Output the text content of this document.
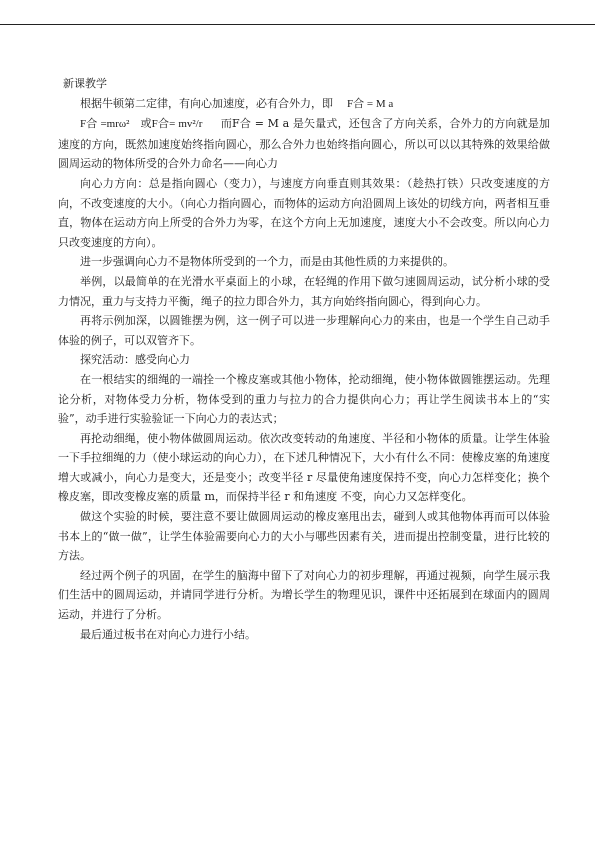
新课教学

根据牛顿第二定律，有向心加速度，必有合外力，即 F合 = M a

F合 =mrω² 或F合= mv²/r 而F合 = M a 是矢量式，还包含了方向关系，合外力的方向就是加速度的方向，既然加速度始终指向圆心，那么合外力也始终指向圆心，所以可以以其特殊的效果给做圆周运动的物体所受的合外力命名——向心力

向心力方向：总是指向圆心（变力），与速度方向垂直则其效果：（趁热打铁）只改变速度的方向，不改变速度的大小。（向心力指向圆心，而物体的运动方向沿圆周上该处的切线方向，两者相互垂直，物体在运动方向上所受的合外力为零，在这个方向上无加速度，速度大小不会改变。所以向心力只改变速度的方向）。

进一步强调向心力不是物体所受到的一个力，而是由其他性质的力来提供的。

举例，以最简单的在光滑水平桌面上的小球，在轻绳的作用下做匀速圆周运动，试分析小球的受力情况，重力与支持力平衡，绳子的拉力即合外力，其方向始终指向圆心，得到向心力。

再将示例加深，以圆锥摆为例，这一例子可以进一步理解向心力的来由，也是一个学生自己动手体验的例子，可以双管齐下。

探究活动：感受向心力

在一根结实的细绳的一端拴一个橡皮塞或其他小物体，抡动细绳，使小物体做圆锥摆运动。先理论分析，对物体受力分析，物体受到的重力与拉力的合力提供向心力；再让学生阅读书本上的“实验”，动手进行实验验证一下向心力的表达式；

再抡动细绳，使小物体做圆周运动。依次改变转动的角速度、半径和小物体的质量。让学生体验一下手拉细绳的力（使小球运动的向心力），在下述几种情况下，大小有什么不同：使橡皮塞的角速度 增大或减小，向心力是变大，还是变小；改变半径 r 尽量使角速度保持不变，向心力怎样变化；换个橡皮塞，即改变橡皮塞的质量 m，而保持半径 r 和角速度 不变，向心力又怎样变化。

做这个实验的时候，要注意不要让做圆周运动的橡皮塞甩出去，碰到人或其他物体再而可以体验书本上的“做一做”，让学生体验需要向心力的大小与哪些因素有关，进而提出控制变量，进行比较的方法。

经过两个例子的巩固，在学生的脑海中留下了对向心力的初步理解，再通过视频，向学生展示我们生活中的圆周运动，并请同学进行分析。为增长学生的物理见识，课件中还拓展到在球面内的圆周运动，并进行了分析。

最后通过板书在对向心力进行小结。
